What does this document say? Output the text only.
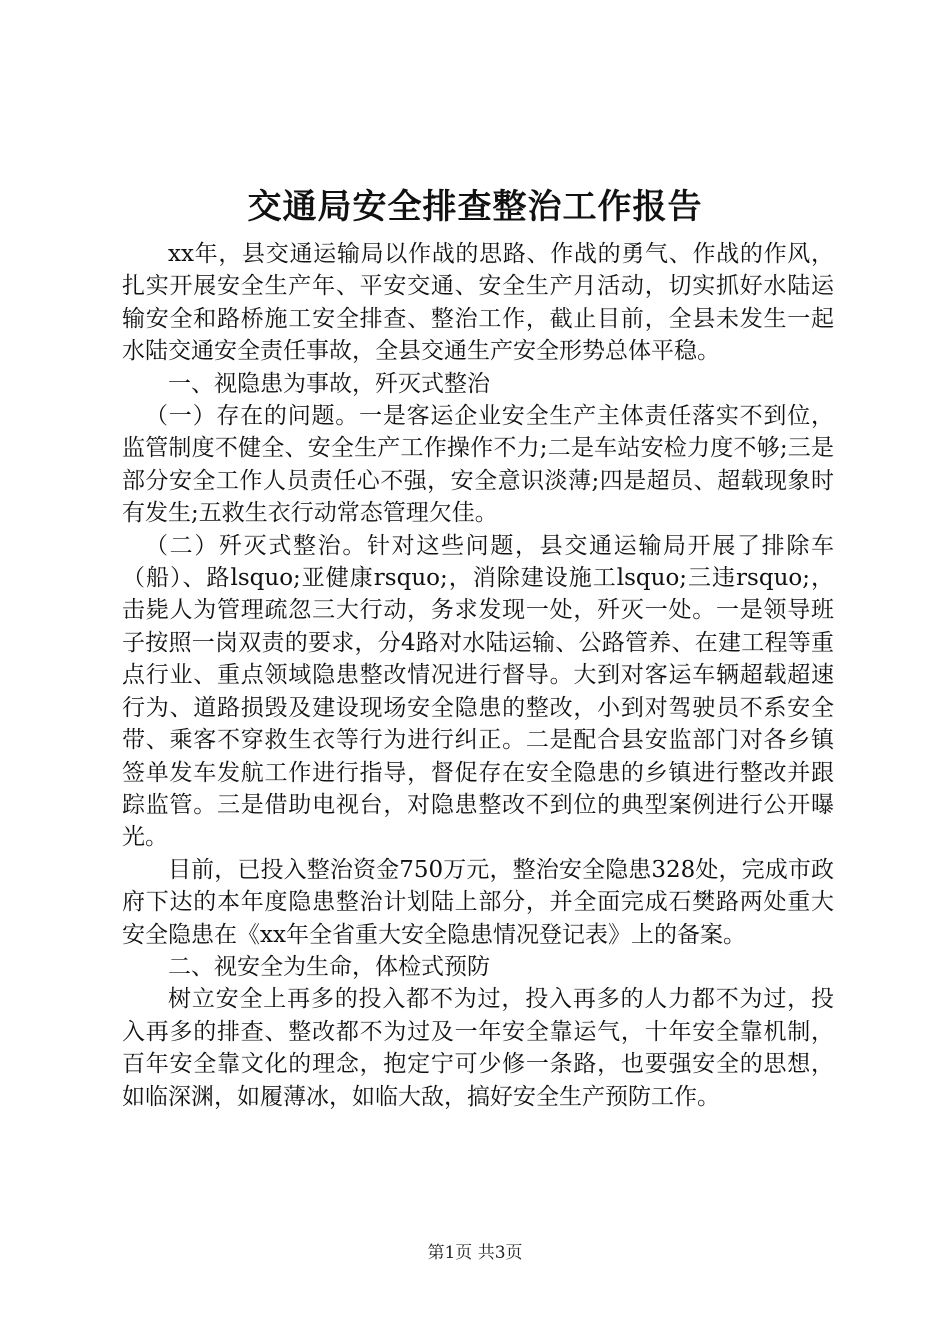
交通局安全排查整治工作报告

xx年，县交通运输局以作战的思路、作战的勇气、作战的作风，扎实开展安全生产年、平安交通、安全生产月活动，切实抓好水陆运输安全和路桥施工安全排查、整治工作，截止目前，全县未发生一起水陆交通安全责任事故，全县交通生产安全形势总体平稳。

一、视隐患为事故，歼灭式整治

（一）存在的问题。一是客运企业安全生产主体责任落实不到位，监管制度不健全、安全生产工作操作不力;二是车站安检力度不够;三是部分安全工作人员责任心不强，安全意识淡薄;四是超员、超载现象时有发生;五救生衣行动常态管理欠佳。

（二）歼灭式整治。针对这些问题，县交通运输局开展了排除车（船）、路lsquo;亚健康rsquo;，消除建设施工lsquo;三违rsquo;，击毙人为管理疏忽三大行动，务求发现一处，歼灭一处。一是领导班子按照一岗双责的要求，分4路对水陆运输、公路管养、在建工程等重点行业、重点领域隐患整改情况进行督导。大到对客运车辆超载超速行为、道路损毁及建设现场安全隐患的整改，小到对驾驶员不系安全带、乘客不穿救生衣等行为进行纠正。二是配合县安监部门对各乡镇签单发车发航工作进行指导，督促存在安全隐患的乡镇进行整改并跟踪监管。三是借助电视台，对隐患整改不到位的典型案例进行公开曝光。

目前，已投入整治资金750万元，整治安全隐患328处，完成市政府下达的本年度隐患整治计划陆上部分，并全面完成石樊路两处重大安全隐患在《xx年全省重大安全隐患情况登记表》上的备案。

二、视安全为生命，体检式预防

树立安全上再多的投入都不为过，投入再多的人力都不为过，投入再多的排查、整改都不为过及一年安全靠运气，十年安全靠机制，百年安全靠文化的理念，抱定宁可少修一条路，也要强安全的思想，如临深渊，如履薄冰，如临大敌，搞好安全生产预防工作。

第1页 共3页
